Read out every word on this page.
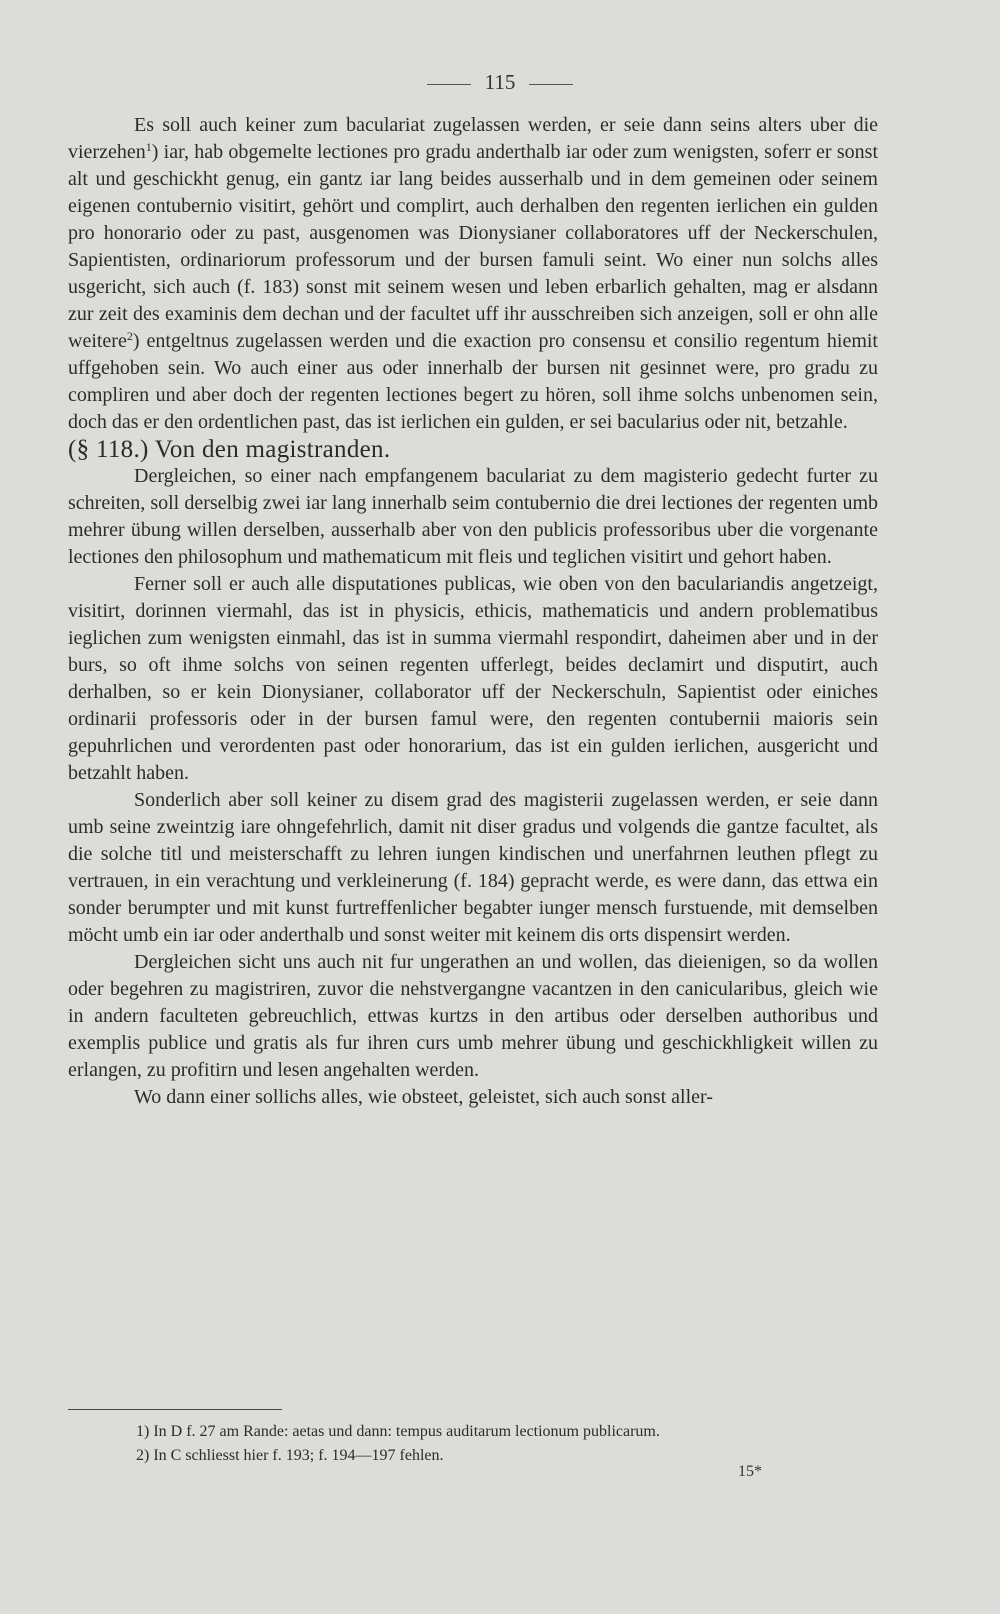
115

Es soll auch keiner zum baculariat zugelassen werden, er seie dann seins alters uber die vierzehen$^1$) iar, hab obgemelte lectiones pro gradu anderthalb iar oder zum wenigsten, soferr er sonst alt und geschickht genug, ein gantz iar lang beides ausserhalb und in dem gemeinen oder seinem eigenen contubernio visitirt, gehört und complirt, auch derhalben den regenten ierlichen ein gulden pro honorario oder zu past, ausgenomen was Dionysianer collaboratores uff der Neckerschulen, Sapientisten, ordinariorum professorum und der bursen famuli seint. Wo einer nun solchs alles usgericht, sich auch (f. 183) sonst mit seinem wesen und leben erbarlich gehalten, mag er alsdann zur zeit des examinis dem dechan und der facultet uff ihr ausschreiben sich anzeigen, soll er ohn alle weitere$^2$) entgeltnus zugelassen werden und die exaction pro consensu et consilio regentum hiemit uffgehoben sein. Wo auch einer aus oder innerhalb der bursen nit gesinnet were, pro gradu zu compliren und aber doch der regenten lectiones begert zu hören, soll ihme solchs unbenomen sein, doch das er den ordentlichen past, das ist ierlichen ein gulden, er sei bacularius oder nit, betzahle.

(§ 118.) Von den magistranden.

Dergleichen, so einer nach empfangenem baculariat zu dem magisterio gedecht furter zu schreiten, soll derselbig zwei iar lang innerhalb seim contubernio die drei lectiones der regenten umb mehrer übung willen derselben, ausserhalb aber von den publicis professoribus uber die vorgenante lectiones den philosophum und mathematicum mit fleis und teglichen visitirt und gehort haben.

Ferner soll er auch alle disputationes publicas, wie oben von den baculariandis angetzeigt, visitirt, dorinnen viermahl, das ist in physicis, ethicis, mathematicis und andern problematibus ieglichen zum wenigsten einmahl, das ist in summa viermahl respondirt, daheimen aber und in der burs, so oft ihme solchs von seinen regenten ufferlegt, beides declamirt und disputirt, auch derhalben, so er kein Dionysianer, collaborator uff der Neckerschuln, Sapientist oder einiches ordinarii professoris oder in der bursen famul were, den regenten contubernii maioris sein gepuhrlichen und verordenten past oder honorarium, das ist ein gulden ierlichen, ausgericht und betzahlt haben.

Sonderlich aber soll keiner zu disem grad des magisterii zugelassen werden, er seie dann umb seine zweintzig iare ohngefehrlich, damit nit diser gradus und volgends die gantze facultet, als die solche titl und meisterschafft zu lehren iungen kindischen und unerfahrnen leuthen pflegt zu vertrauen, in ein verachtung und verkleinerung (f. 184) gepracht werde, es were dann, das ettwa ein sonder berumpter und mit kunst furtreffenlicher begabter iunger mensch furstuende, mit demselben möcht umb ein iar oder anderthalb und sonst weiter mit keinem dis orts dispensirt werden.

Dergleichen sicht uns auch nit fur ungerathen an und wollen, das dieienigen, so da wollen oder begehren zu magistriren, zuvor die nehstvergangne vacantzen in den canicularibus, gleich wie in andern faculteten gebreuchlich, ettwas kurtzs in den artibus oder derselben authoribus und exemplis publice und gratis als fur ihren curs umb mehrer übung und geschickhligkeit willen zu erlangen, zu profitirn und lesen angehalten werden.

Wo dann einer sollichs alles, wie obsteet, geleistet, sich auch sonst aller-

1) In D f. 27 am Rande: aetas und dann: tempus auditarum lectionum publicarum.
2) In C schliesst hier f. 193; f. 194—197 fehlen.
15*
